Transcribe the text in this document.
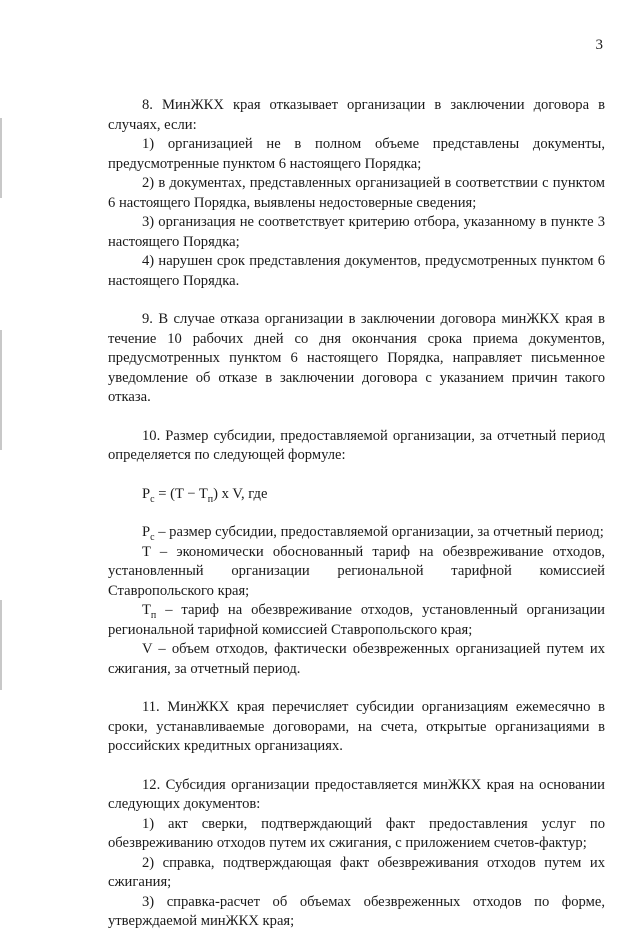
3

8. МинЖКХ края отказывает организации в заключении договора в случаях, если:

1) организацией не в полном объеме представлены документы, предусмотренные пунктом 6 настоящего Порядка;

2) в документах, представленных организацией в соответствии с пунктом 6 настоящего Порядка, выявлены недостоверные сведения;

3) организация не соответствует критерию отбора, указанному в пункте 3 настоящего Порядка;

4) нарушен срок представления документов, предусмотренных пунктом 6 настоящего Порядка.

9. В случае отказа организации в заключении договора минЖКХ края в течение 10 рабочих дней со дня окончания срока приема документов, предусмотренных пунктом 6 настоящего Порядка, направляет письменное уведомление об отказе в заключении договора с указанием причин такого отказа.

10. Размер субсидии, предоставляемой организации, за отчетный период определяется по следующей формуле:

$P_c = (T - T_п)$ x V, где

$P_c$ – размер субсидии, предоставляемой организации, за отчетный период;

T – экономически обоснованный тариф на обезвреживание отходов, установленный организации региональной тарифной комиссией Ставропольского края;

$T_п$ – тариф на обезвреживание отходов, установленный организации региональной тарифной комиссией Ставропольского края;

V – объем отходов, фактически обезвреженных организацией путем их сжигания, за отчетный период.

11. МинЖКХ края перечисляет субсидии организациям ежемесячно в сроки, устанавливаемые договорами, на счета, открытые организациями в российских кредитных организациях.

12. Субсидия организации предоставляется минЖКХ края на основании следующих документов:

1) акт сверки, подтверждающий факт предоставления услуг по обезвреживанию отходов путем их сжигания, с приложением счетов-фактур;

2) справка, подтверждающая факт обезвреживания отходов путем их сжигания;

3) справка-расчет об объемах обезвреженных отходов по форме, утверждаемой минЖКХ края;
